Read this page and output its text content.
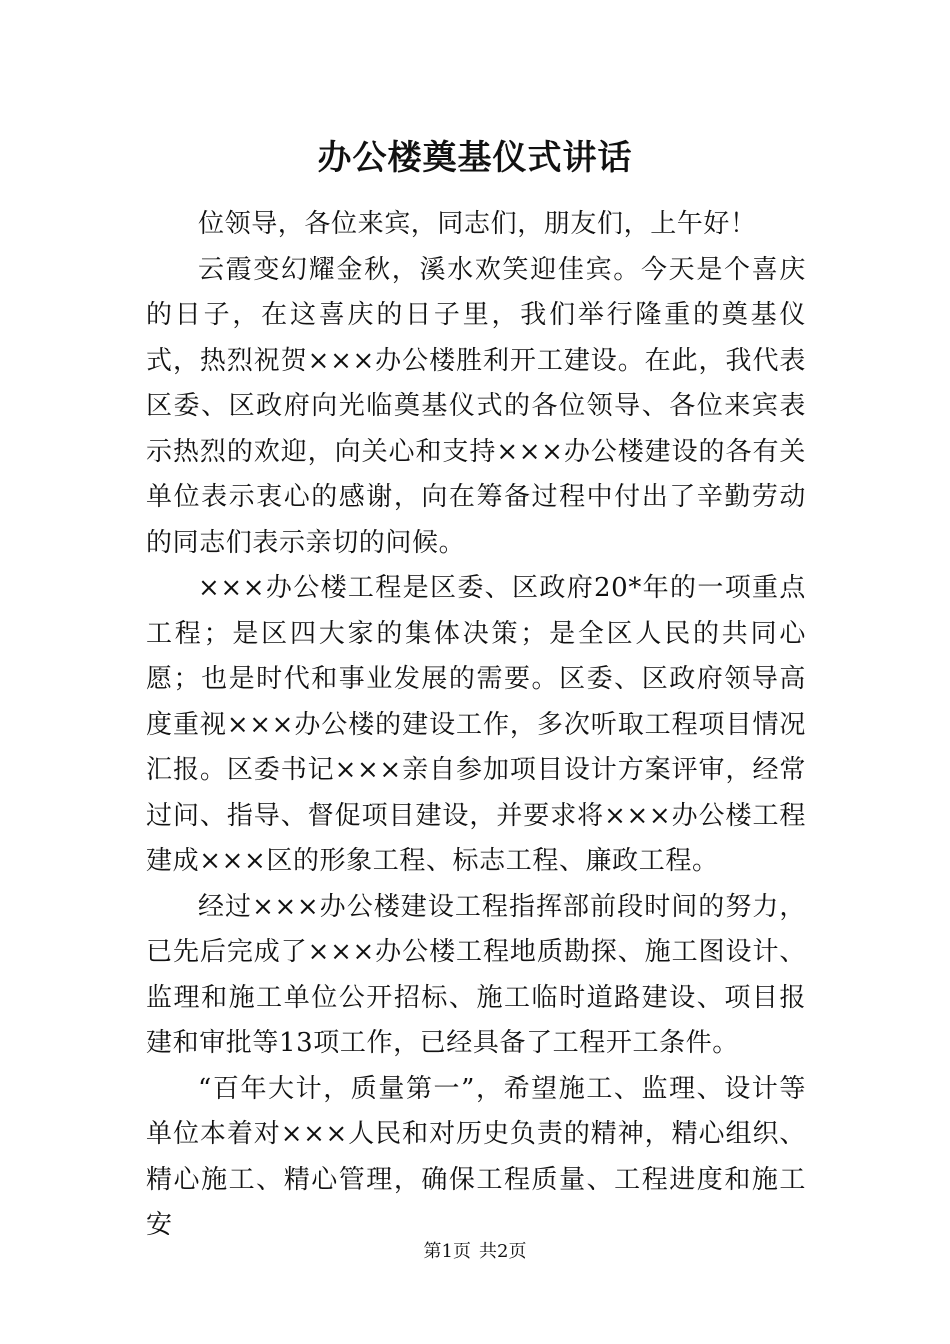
办公楼奠基仪式讲话

位领导，各位来宾，同志们，朋友们，上午好！

云霞变幻耀金秋，溪水欢笑迎佳宾。今天是个喜庆的日子，在这喜庆的日子里，我们举行隆重的奠基仪式，热烈祝贺×××办公楼胜利开工建设。在此，我代表区委、区政府向光临奠基仪式的各位领导、各位来宾表示热烈的欢迎，向关心和支持×××办公楼建设的各有关单位表示衷心的感谢，向在筹备过程中付出了辛勤劳动的同志们表示亲切的问候。

×××办公楼工程是区委、区政府20*年的一项重点工程；是区四大家的集体决策；是全区人民的共同心愿；也是时代和事业发展的需要。区委、区政府领导高度重视×××办公楼的建设工作，多次听取工程项目情况汇报。区委书记×××亲自参加项目设计方案评审，经常过问、指导、督促项目建设，并要求将×××办公楼工程建成×××区的形象工程、标志工程、廉政工程。

经过×××办公楼建设工程指挥部前段时间的努力，已先后完成了×××办公楼工程地质勘探、施工图设计、监理和施工单位公开招标、施工临时道路建设、项目报建和审批等13项工作，已经具备了工程开工条件。

“百年大计，质量第一”，希望施工、监理、设计等单位本着对×××人民和对历史负责的精神，精心组织、精心施工、精心管理，确保工程质量、工程进度和施工安

第1页 共2页
